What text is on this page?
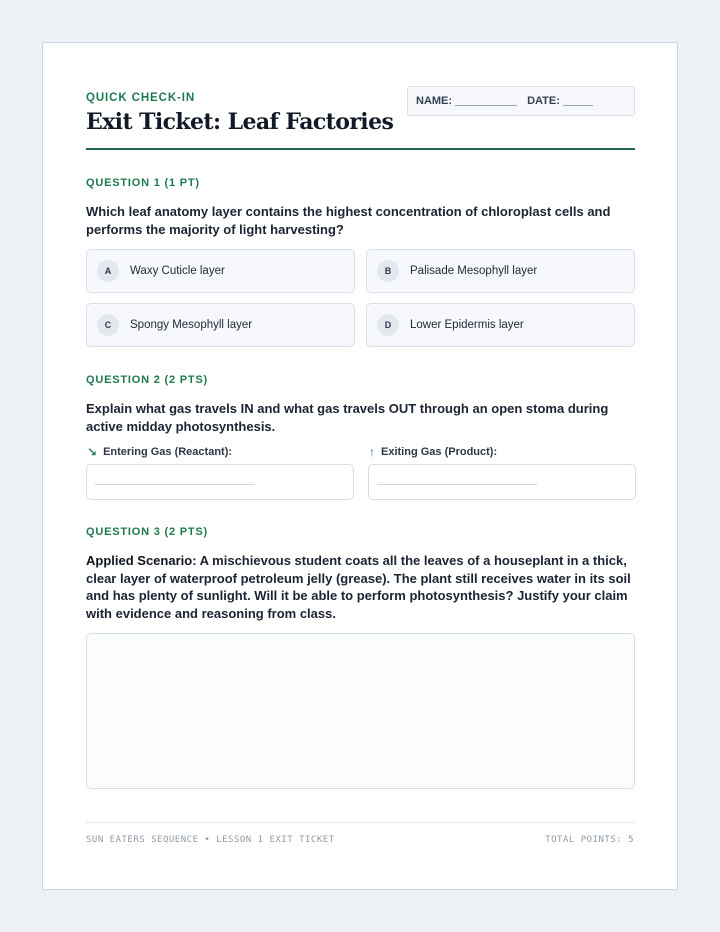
QUICK CHECK-IN
Exit Ticket: Leaf Factories
NAME:	DATE:
QUESTION 1 (1 PT)
Which leaf anatomy layer contains the highest concentration of chloroplast cells and performs the majority of light harvesting?
A	Waxy Cuticle layer	B	Palisade Mesophyll layer
C	Spongy Mesophyll layer	D	Lower Epidermis layer
QUESTION 2 (2 PTS)
Explain what gas travels IN and what gas travels OUT through an open stoma during active midday photosynthesis.
↘ Entering Gas (Reactant):	↑ Exiting Gas (Product):
QUESTION 3 (2 PTS)
Applied Scenario: A mischievous student coats all the leaves of a houseplant in a thick, clear layer of waterproof petroleum jelly (grease). The plant still receives water in its soil and has plenty of sunlight. Will it be able to perform photosynthesis? Justify your claim with evidence and reasoning from class.
SUN EATERS SEQUENCE • LESSON 1 EXIT TICKET	TOTAL POINTS: 5
